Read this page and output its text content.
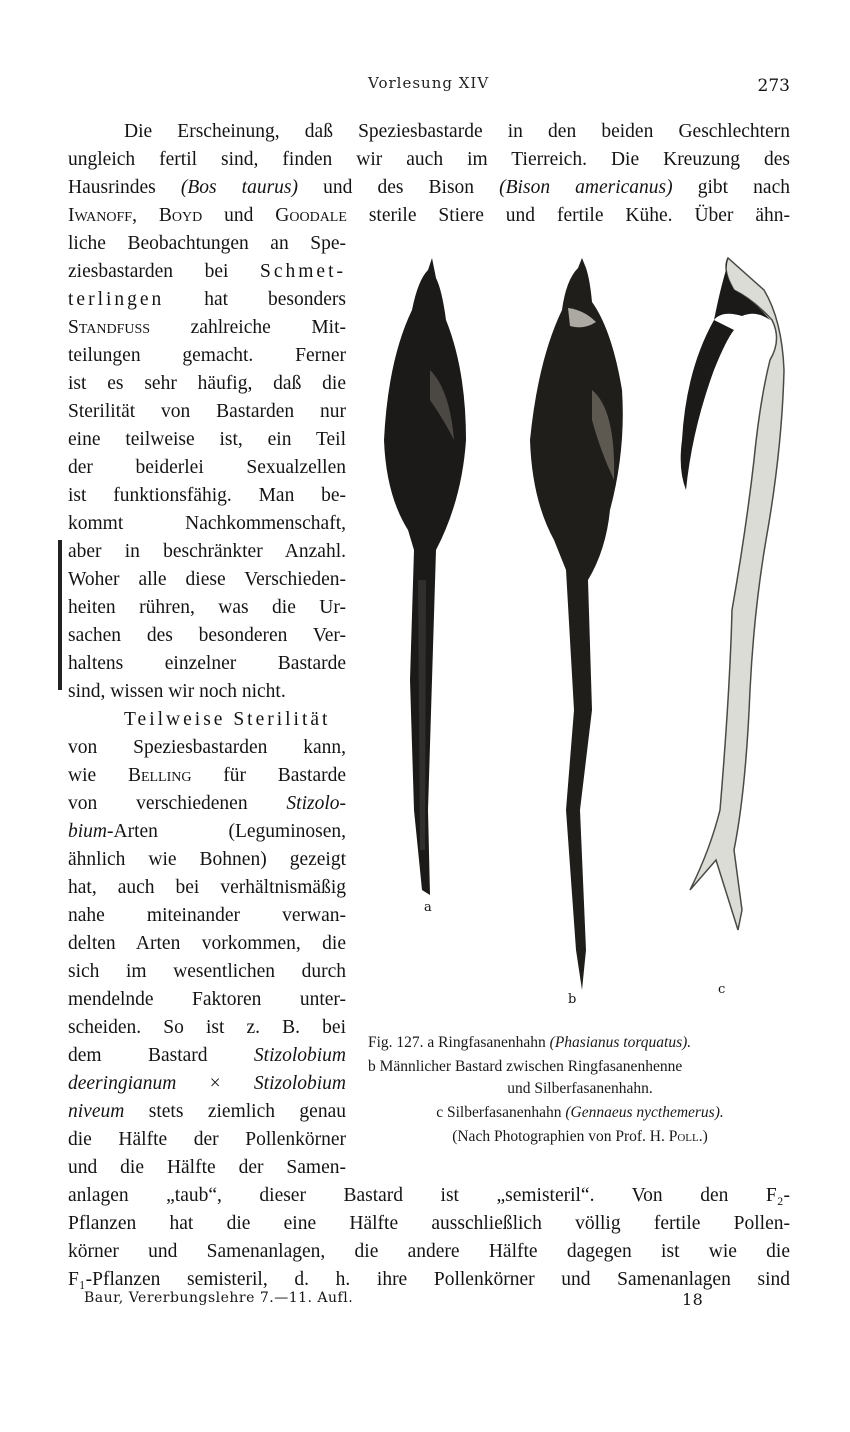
Vorlesung XIV	273
Die Erscheinung, daß Speziesbastarde in den beiden Geschlechtern
ungleich fertil sind, finden wir auch im Tierreich. Die Kreuzung des
Hausrindes (Bos taurus) und des Bison (Bison americanus) gibt nach
Iwanoff, Boyd und Goodale sterile Stiere und fertile Kühe. Über ähn-
liche Beobachtungen an Spe-
ziesbastarden bei Schmet-
terlingen hat besonders
Standfuss zahlreiche Mit-
teilungen gemacht. Ferner
ist es sehr häufig, daß die
Sterilität von Bastarden nur
eine teilweise ist, ein Teil
der beiderlei Sexualzellen
ist funktionsfähig. Man be-
kommt Nachkommenschaft,
aber in beschränkter Anzahl.
Woher alle diese Verschieden-
heiten rühren, was die Ur-
sachen des besonderen Ver-
haltens einzelner Bastarde
sind, wissen wir noch nicht.
Teilweise Sterilität
von Speziesbastarden kann,
wie Belling für Bastarde
von verschiedenen Stizolo-
bium-Arten (Leguminosen,
ähnlich wie Bohnen) gezeigt
hat, auch bei verhältnismäßig
nahe miteinander verwan-
delten Arten vorkommen, die
sich im wesentlichen durch
mendelnde Faktoren unter-
scheiden. So ist z. B. bei
dem Bastard Stizolobium
deeringianum × Stizolobium
niveum stets ziemlich genau
die Hälfte der Pollenkörner
und die Hälfte der Samen-
anlagen „taub“, dieser Bastard ist „semisteril“. Von den F₂-
Pflanzen hat die eine Hälfte ausschließlich völlig fertile Pollen-
körner und Samenanlagen, die andere Hälfte dagegen ist wie die
F₁-Pflanzen semisteril, d. h. ihre Pollenkörner und Samenanlagen sind
a
b
c
Fig. 127. a Ringfasanenhahn (Phasianus torquatus).
b Männlicher Bastard zwischen Ringfasanenhenne
und Silberfasanenhahn.
c Silberfasanenhahn (Gennaeus nycthemerus).
(Nach Photographien von Prof. H. Poll.)
Baur, Vererbungslehre 7.—11. Aufl.	18
